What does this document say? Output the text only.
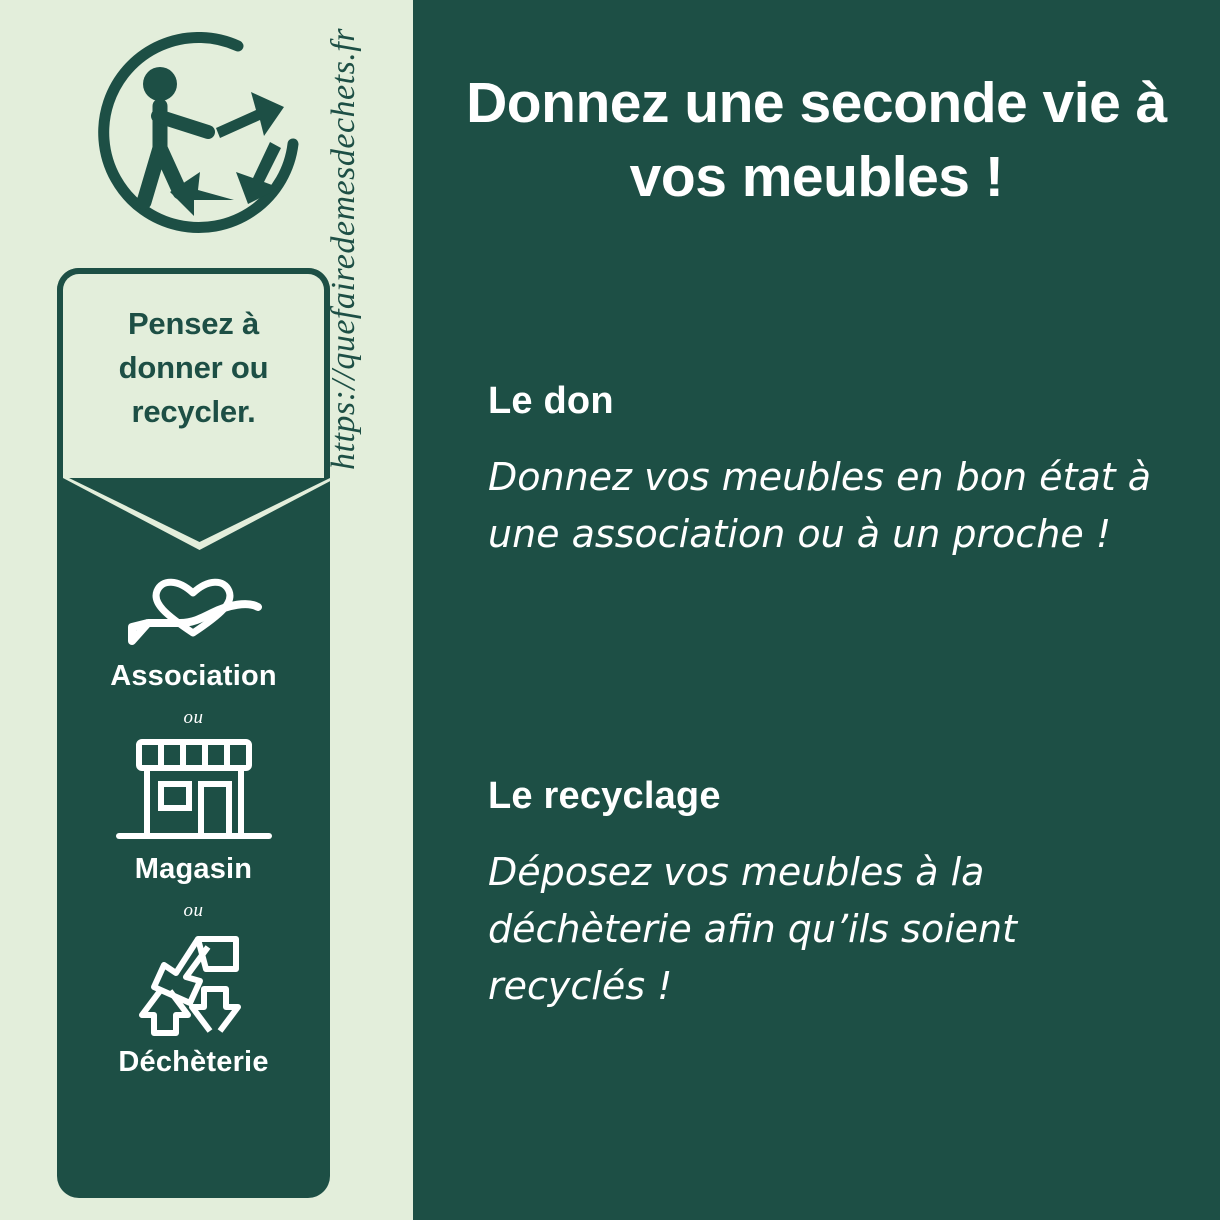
Pensez à
donner ou
recycler.
Association
ou
Magasin
ou
Déchèterie
https://quefairedemesdechets.fr	Donnez une seconde vie à vos meubles !
Le don
Donnez vos meubles en bon état à une association ou à un proche !
Le recyclage
Déposez vos meubles à la déchèterie afin qu’ils soient recyclés !
